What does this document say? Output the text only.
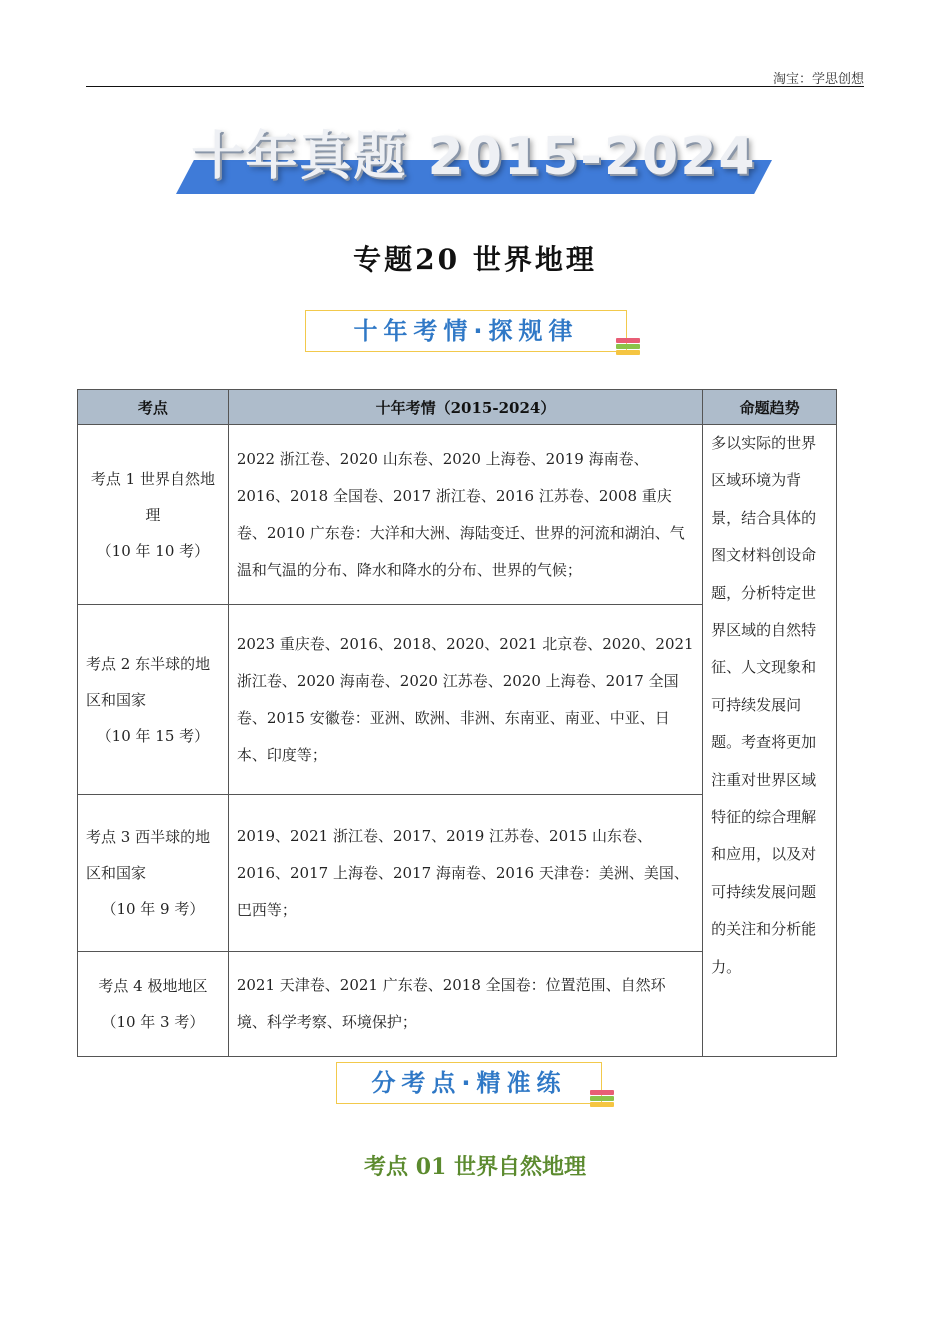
淘宝：学思创想
十年真题 2015-2024
专题20 世界地理
十年考情·探规律
考点	十年考情（2015-2024）	命题趋势

考点 1 世界自然地
理
（10 年 10 考）	2022 浙江卷、2020 山东卷、2020 上海卷、2019 海南卷、2016、2018 全国卷、2017 浙江卷、2016 江苏卷、2008 重庆卷、2010 广东卷：大洋和大洲、海陆变迁、世界的河流和湖泊、气温和气温的分布、降水和降水的分布、世界的气候；	多以实际的世界区域环境为背景，结合具体的图文材料创设命题，分析特定世界区域的自然特征、人文现象和可持续发展问题。考查将更加注重对世界区域特征的综合理解和应用，以及对可持续发展问题的关注和分析能力。

考点 2 东半球的地
区和国家
（10 年 15 考）	2023 重庆卷、2016、2018、2020、2021 北京卷、2020、2021 浙江卷、2020 海南卷、2020 江苏卷、2020 上海卷、2017 全国卷、2015 安徽卷：亚洲、欧洲、非洲、东南亚、南亚、中亚、日本、印度等；	

考点 3 西半球的地
区和国家
（10 年 9 考）	2019、2021 浙江卷、2017、2019 江苏卷、2015 山东卷、2016、2017 上海卷、2017 海南卷、2016 天津卷：美洲、美国、巴西等；	

考点 4 极地地区
（10 年 3 考）	2021 天津卷、2021 广东卷、2018 全国卷：位置范围、自然环境、科学考察、环境保护；	
分考点·精准练
考点 01 世界自然地理
